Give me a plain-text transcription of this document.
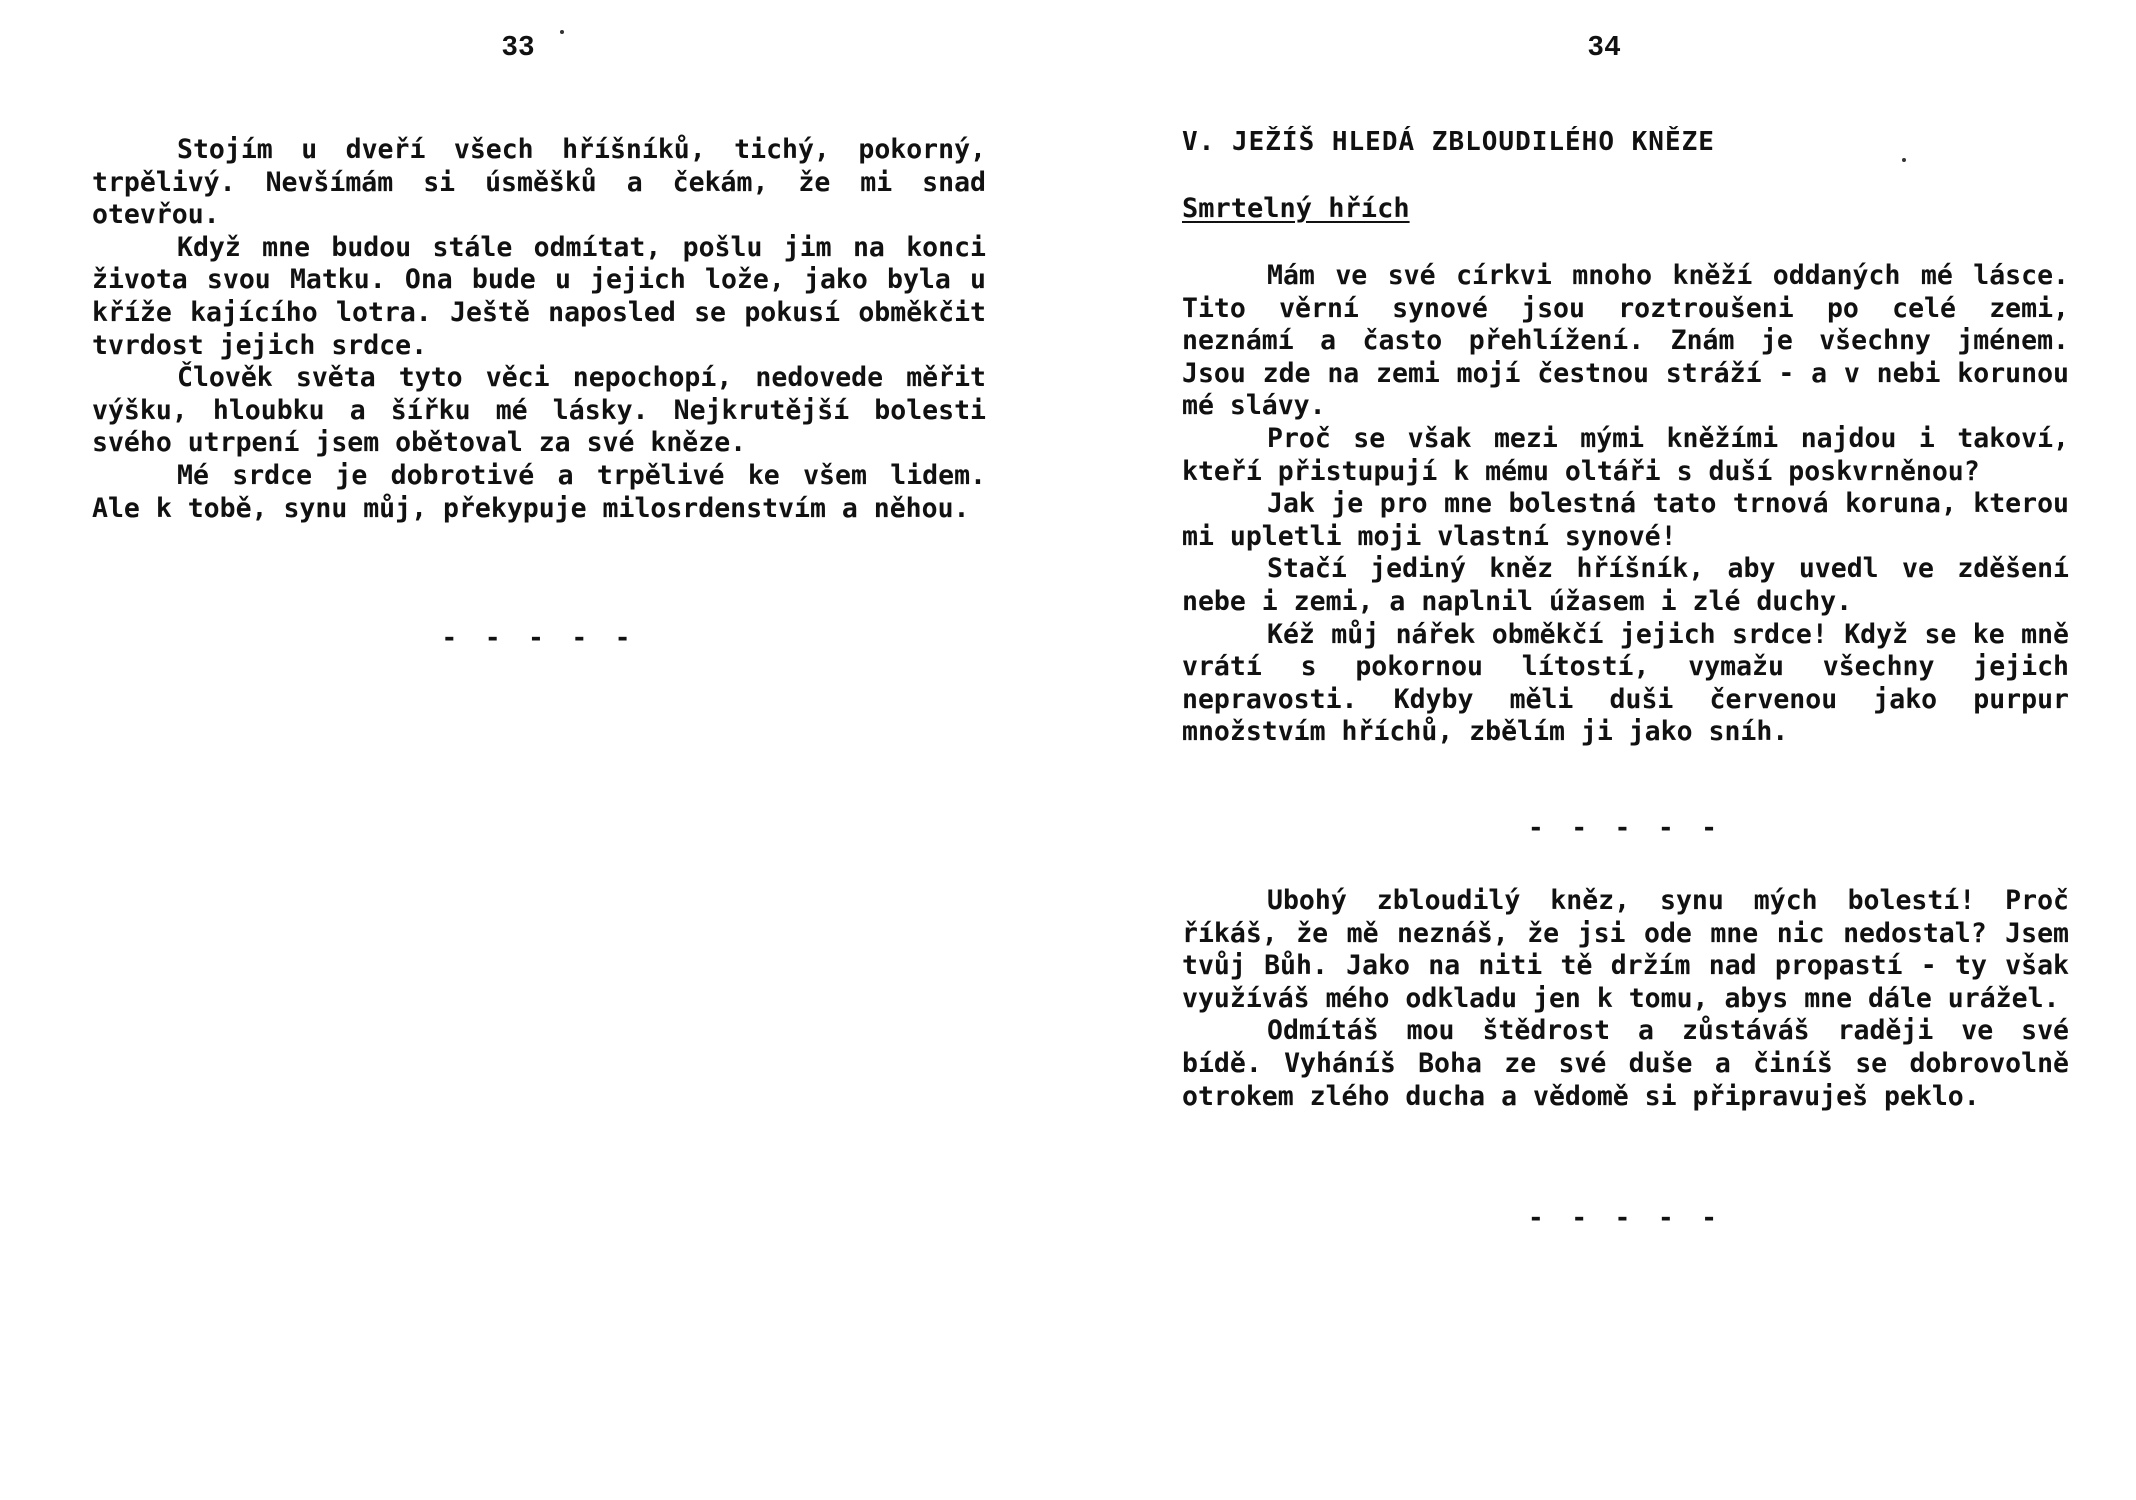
33

Stojím u dveří všech hříšníků, tichý, pokorný, trpělivý. Nevšímám si úsměšků a čekám, že mi snad otevřou.

Když mne budou stále odmítat, pošlu jim na konci života svou Matku. Ona bude u jejich lože, jako byla u kříže kajícího lotra. Ještě naposled se pokusí obměkčit tvrdost jejich srdce.

Člověk světa tyto věci nepochopí, nedovede měřit výšku, hloubku a šířku mé lásky. Nejkrutější bolesti svého utrpení jsem obětoval za své kněze.

Mé srdce je dobrotivé a trpělivé ke všem lidem. Ale k tobě, synu můj, překypuje milosrdenstvím a něhou.

- - - - -
34
V. JEŽÍŠ HLEDÁ ZBLOUDILÉHO KNĚZE
Smrtelný hřích

Mám ve své církvi mnoho kněží oddaných mé lásce. Tito věrní synové jsou roztroušeni po celé zemi, neznámí a často přehlížení. Znám je všechny jménem. Jsou zde na zemi mojí čestnou stráží - a v nebi korunou mé slávy.

Proč se však mezi mými kněžími najdou i takoví, kteří přistupují k mému oltáři s duší poskvrněnou?

Jak je pro mne bolestná tato trnová koruna, kterou mi upletli moji vlastní synové!

Stačí jediný kněz hříšník, aby uvedl ve zděšení nebe i zemi, a naplnil úžasem i zlé duchy.

Kéž můj nářek obměkčí jejich srdce! Když se ke mně vrátí s pokornou lítostí, vymažu všechny jejich nepravosti. Kdyby měli duši červenou jako purpur množstvím hříchů, zbělím ji jako sníh.

- - - - -

Ubohý zbloudilý kněz, synu mých bolestí! Proč říkáš, že mě neznáš, že jsi ode mne nic nedostal? Jsem tvůj Bůh. Jako na niti tě držím nad propastí - ty však využíváš mého odkladu jen k tomu, abys mne dále urážel.

Odmítáš mou štědrost a zůstáváš raději ve své bídě. Vyháníš Boha ze své duše a činíš se dobrovolně otrokem zlého ducha a vědomě si připravuješ peklo.

- - - - -
